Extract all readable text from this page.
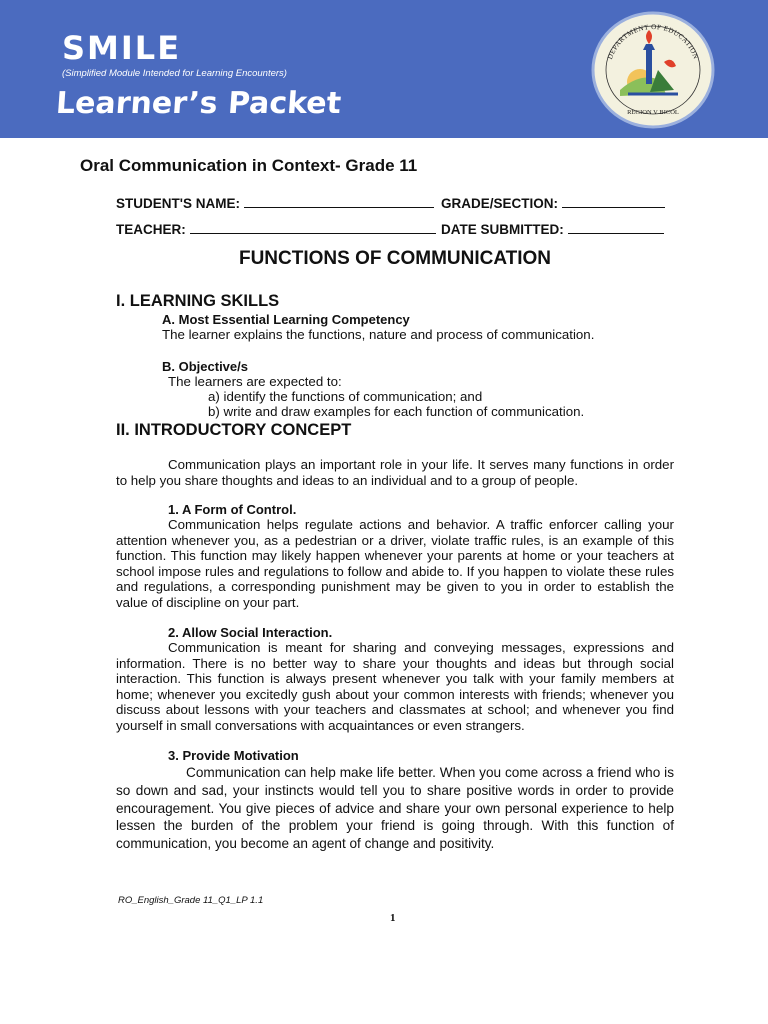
SMILE
(Simplified Module Intended for Learning Encounters)
Learner’s Packet
DEPARTMENT OF EDUCATION
REGION V BICOL
Oral Communication in Context- Grade 11
STUDENT'S NAME:	GRADE/SECTION:
TEACHER:	DATE SUBMITTED:
FUNCTIONS OF COMMUNICATION
I. LEARNING SKILLS
A. Most Essential Learning Competency
The learner explains the functions, nature and process of communication.
B. Objective/s
The learners are expected to:
a) identify the functions of communication; and
b) write and draw examples for each function of communication.
II. INTRODUCTORY CONCEPT

Communication plays an important role in your life. It serves many functions in order to help you share thoughts and ideas to an individual and to a group of people.

1. A Form of Control.

Communication helps regulate actions and behavior. A traffic enforcer calling your attention whenever you, as a pedestrian or a driver, violate traffic rules, is an example of this function. This function may likely happen whenever your parents at home or your teachers at school impose rules and regulations to follow and abide to. If you happen to violate these rules and regulations, a corresponding punishment may be given to you in order to establish the value of discipline on your part.

2. Allow Social Interaction.

Communication is meant for sharing and conveying messages, expressions and information. There is no better way to share your thoughts and ideas but through social interaction. This function is always present whenever you talk with your family members at home; whenever you excitedly gush about your common interests with friends; whenever you discuss about lessons with your teachers and classmates at school; and whenever you find yourself in small conversations with acquaintances or even strangers.

3. Provide Motivation

Communication can help make life better. When you come across a friend who is so down and sad, your instincts would tell you to share positive words in order to provide encouragement. You give pieces of advice and share your own personal experience to help lessen the burden of the problem your friend is going through. With this function of communication, you become an agent of change and positivity.

RO_English_Grade 11_Q1_LP 1.1
1
